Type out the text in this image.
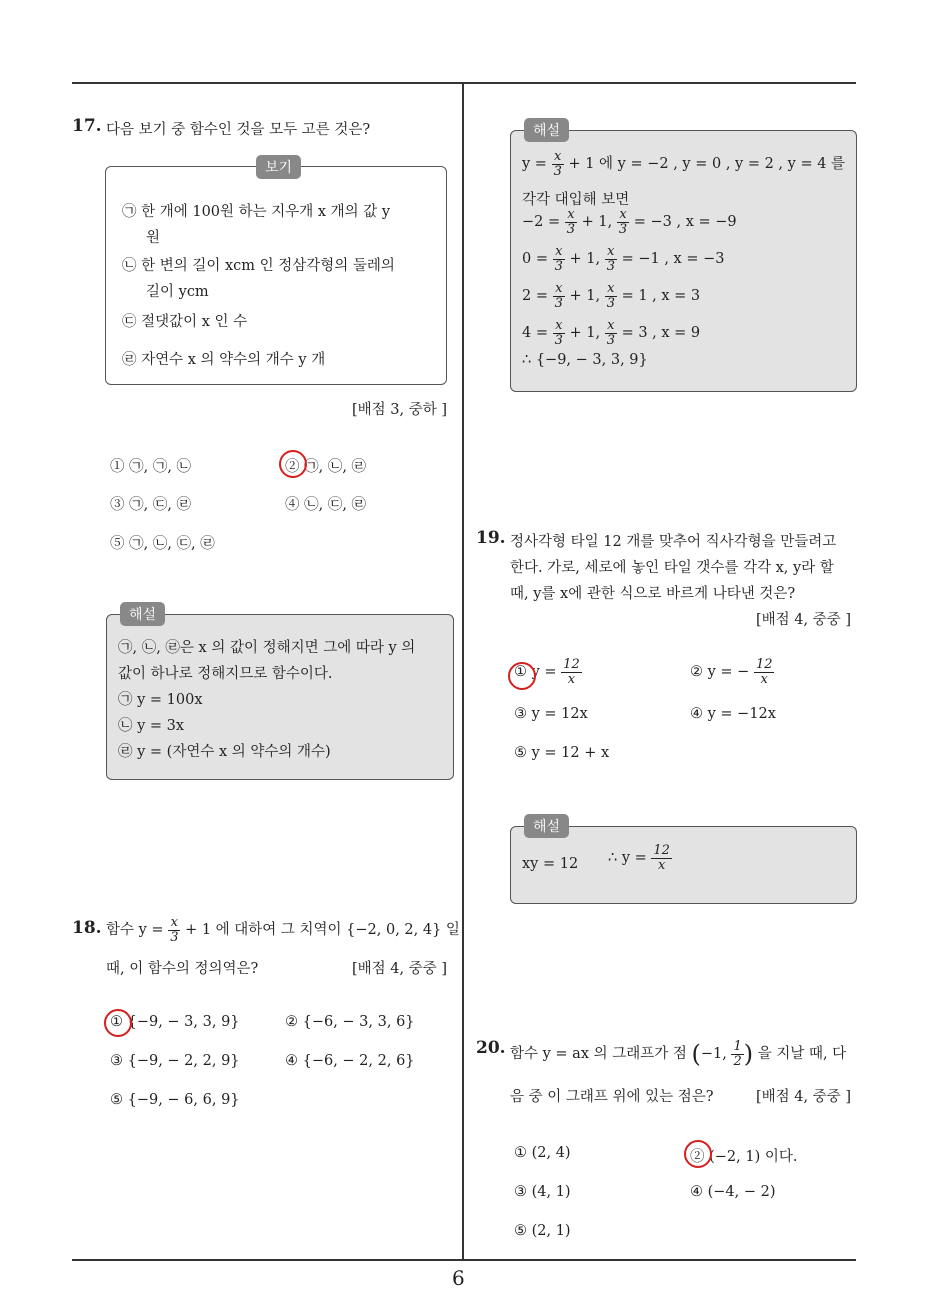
6
17. 다음 보기 중 함수인 것을 모두 고른 것은?
보기
㉠ 한 개에 100원 하는 지우개 x 개의 값 y
원
㉡ 한 변의 길이 xcm 인 정삼각형의 둘레의
길이 ycm
㉢ 절댓값이 x 인 수
㉣ 자연수 x 의 약수의 개수 y 개
[배점 3, 중하 ]
① ㉠, ㉠, ㉡	② ㉠, ㉡, ㉣
③ ㉠, ㉢, ㉣	④ ㉡, ㉢, ㉣
⑤ ㉠, ㉡, ㉢, ㉣
해설
㉠, ㉡, ㉣은 x 의 값이 정해지면 그에 따라 y 의
값이 하나로 정해지므로 함수이다.
㉠ y = 100x
㉡ y = 3x
㉣ y = (자연수 x 의 약수의 개수)
18. 함수 $y = \frac{x}{3} + 1$ 에 대하여 그 치역이 {−2, 0, 2, 4} 일
때, 이 함수의 정의역은?	[배점 4, 중중 ]
① {−9, − 3, 3, 9}	② {−6, − 3, 3, 6}
③ {−9, − 2, 2, 9}	④ {−6, − 2, 2, 6}
⑤ {−9, − 6, 6, 9}
해설
$y = \frac{x}{3} + 1$ 에 y = −2 , y = 0 , y = 2 , y = 4 를
각각 대입해 보면
$-2 = \frac{x}{3} + 1$, $\frac{x}{3} = -3$ , x = −9
$0 = \frac{x}{3} + 1$, $\frac{x}{3} = -1$ , x = −3
$2 = \frac{x}{3} + 1$, $\frac{x}{3} = 1$ , x = 3
$4 = \frac{x}{3} + 1$, $\frac{x}{3} = 3$ , x = 9
∴ {−9, − 3, 3, 9}
19. 정사각형 타일 12 개를 맞추어 직사각형을 만들려고
한다. 가로, 세로에 놓인 타일 갯수를 각각 x, y라 할
때, y를 x에 관한 식으로 바르게 나타낸 것은?
[배점 4, 중중 ]
① $y = \frac{12}{x}$	② y = − $\frac{12}{x}$
③ y = 12x	④ y = −12x
⑤ y = 12 + x
해설
xy = 12 ∴ $y = \frac{12}{x}$
20. 함수 y = ax 의 그래프가 점 (−1, $\frac{1}{2}$ ) 을 지날 때, 다
음 중 이 그래프 위에 있는 점은?	[배점 4, 중중 ]
① (2, 4)	② (−2, 1) 이다.
③ (4, 1)	④ (−4, − 2)
⑤ (2, 1)
